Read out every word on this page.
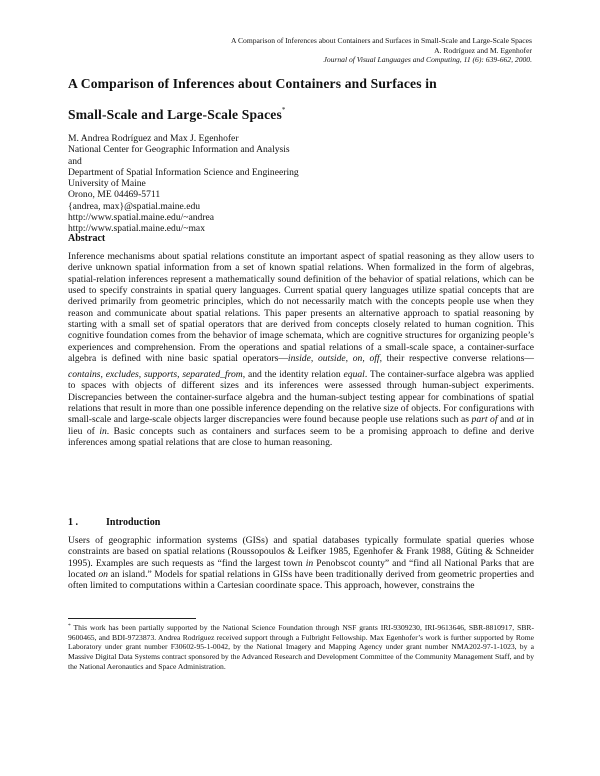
A Comparison of Inferences about Containers and Surfaces in Small-Scale and Large-Scale Spaces
A. Rodríguez and M. Egenhofer
Journal of Visual Languages and Computing, 11 (6): 639-662, 2000.
A Comparison of Inferences about Containers and Surfaces in
Small-Scale and Large-Scale Spaces*
M. Andrea Rodríguez and Max J. Egenhofer
National Center for Geographic Information and Analysis
and
Department of Spatial Information Science and Engineering
University of Maine
Orono, ME 04469-5711
{andrea, max}@spatial.maine.edu
http://www.spatial.maine.edu/~andrea
http://www.spatial.maine.edu/~max
Abstract
Inference mechanisms about spatial relations constitute an important aspect of spatial reasoning as they allow users to derive unknown spatial information from a set of known spatial relations. When formalized in the form of algebras, spatial-relation inferences represent a mathematically sound definition of the behavior of spatial relations, which can be used to specify constraints in spatial query languages. Current spatial query languages utilize spatial concepts that are derived primarily from geometric principles, which do not necessarily match with the concepts people use when they reason and communicate about spatial relations. This paper presents an alternative approach to spatial reasoning by starting with a small set of spatial operators that are derived from concepts closely related to human cognition. This cognitive foundation comes from the behavior of image schemata, which are cognitive structures for organizing people’s experiences and comprehension. From the operations and spatial relations of a small-scale space, a container-surface algebra is defined with nine basic spatial operators—inside, outside, on, off, their respective converse relations—contains, excludes, supports, separated_from, and the identity relation equal. The container-surface algebra was applied to spaces with objects of different sizes and its inferences were assessed through human-subject experiments. Discrepancies between the container-surface algebra and the human-subject testing appear for combinations of spatial relations that result in more than one possible inference depending on the relative size of objects. For configurations with small-scale and large-scale objects larger discrepancies were found because people use relations such as part of and at in lieu of in. Basic concepts such as containers and surfaces seem to be a promising approach to define and derive inferences among spatial relations that are close to human reasoning.
1 .	Introduction
Users of geographic information systems (GISs) and spatial databases typically formulate spatial queries whose constraints are based on spatial relations (Roussopoulos & Leifker 1985, Egenhofer & Frank 1988, Güting & Schneider 1995). Examples are such requests as “find the largest town in Penobscot county” and “find all National Parks that are located on an island.” Models for spatial relations in GISs have been traditionally derived from geometric properties and often limited to computations within a Cartesian coordinate space. This approach, however, constrains the
* This work has been partially supported by the National Science Foundation through NSF grants IRI-9309230, IRI-9613646, SBR-8810917, SBR-9600465, and BDI-9723873. Andrea Rodríguez received support through a Fulbright Fellowship. Max Egenhofer’s work is further supported by Rome Laboratory under grant number F30602-95-1-0042, by the National Imagery and Mapping Agency under grant number NMA202-97-1-1023, by a Massive Digital Data Systems contract sponsored by the Advanced Research and Development Committee of the Community Management Staff, and by the National Aeronautics and Space Administration.
